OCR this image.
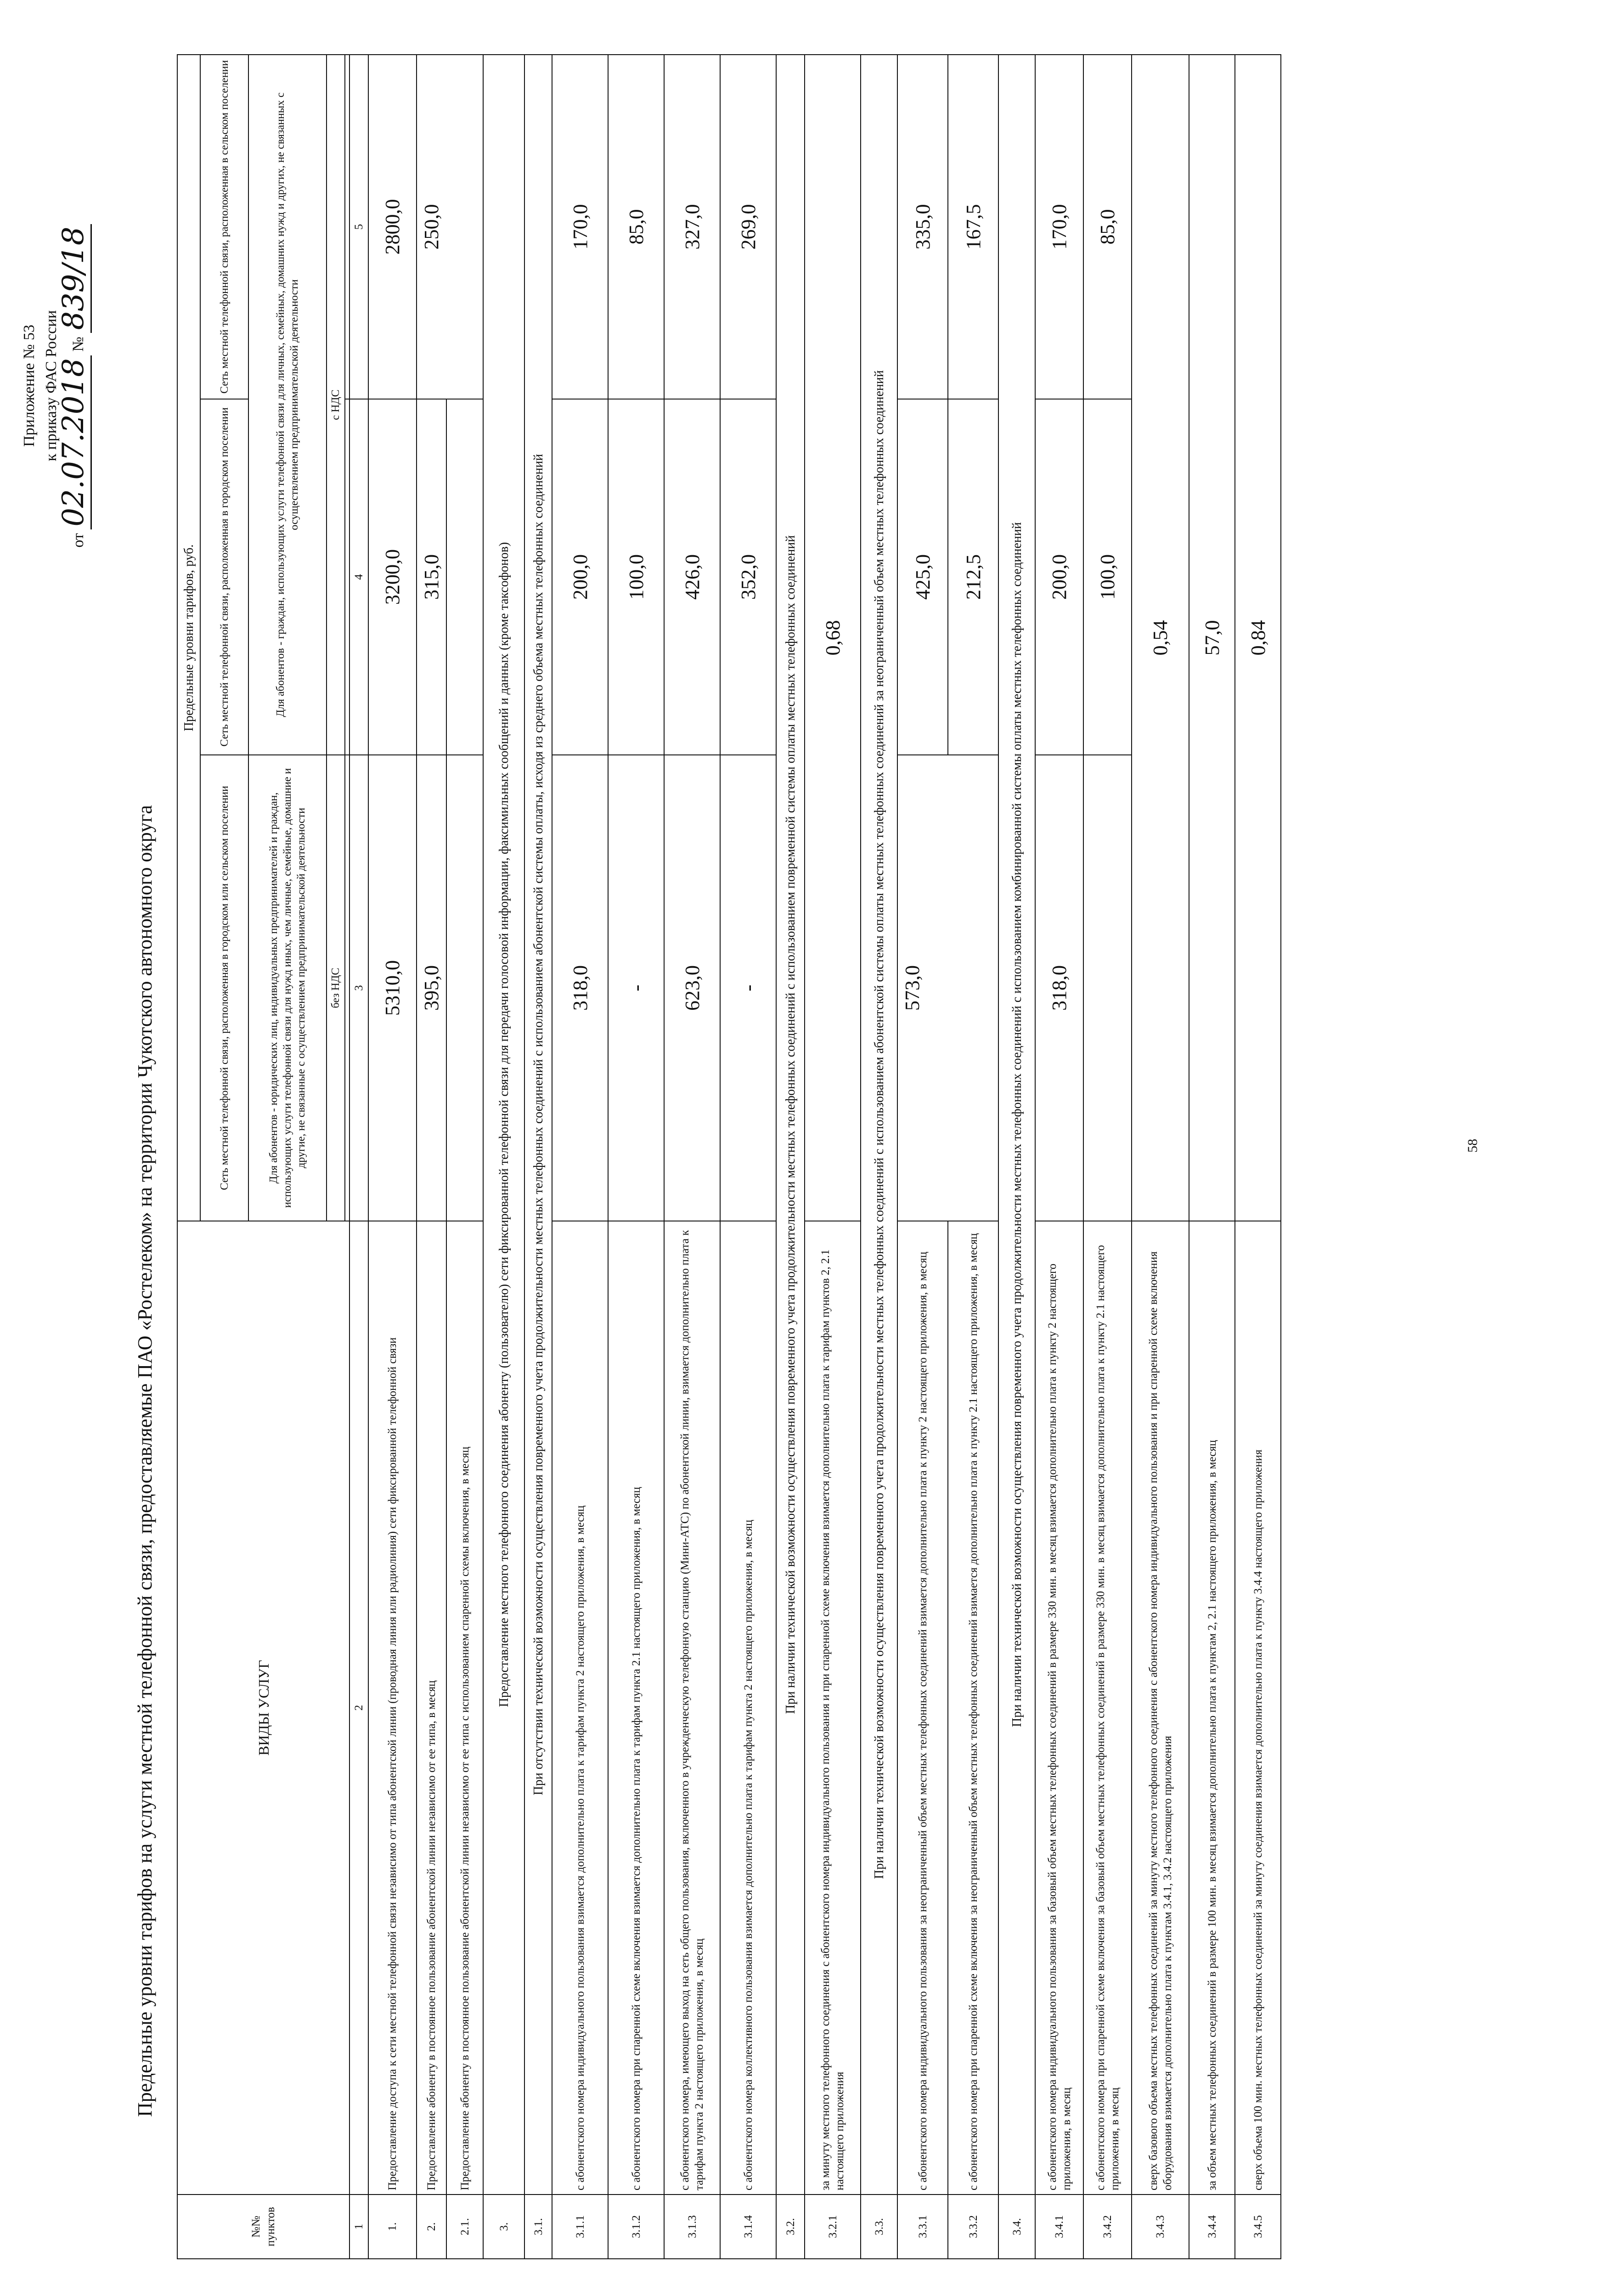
Приложение № 53 к приказу ФАС России
от 02.07.2018 № 839/18
Предельные уровни тарифов на услуги местной телефонной связи, предоставляемые ПАО «Ростелеком» на территории Чукотского автономного округа	58
№№ пунктов	ВИДЫ УСЛУГ	Предельные уровни тарифов, руб.		
		Сеть местной телефонной связи, расположенная в городском или сельском поселении	Сеть местной телефонной связи, расположенная в городском поселении	Сеть местной телефонной связи, расположенная в сельском поселении
		Для абонентов - юридических лиц, индивидуальных предпринимателей и граждан, использующих услуги телефонной связи для нужд иных, чем личные, семейные, домашние и другие, не связанные с осуществлением предпринимательской деятельности	Для абонентов - граждан, использующих услуги телефонной связи для личных, семейных, домашних нужд и других, не связанных с осуществлением предпринимательской деятельности	
		без НДС	с НДС	

1	2	3	4	5
1.	Предоставление доступа к сети местной телефонной связи независимо от типа абонентской линии (проводная линия или радиолиния) сети фиксированной телефонной связи	5310,0	3200,0	2800,0
2.	Предоставление абоненту в постоянное пользование абонентской линии независимо от ее типа, в месяц	395,0	315,0	250,0
2.1.	Предоставление абоненту в постоянное пользование абонентской линии независимо от ее типа с использованием спаренной схемы включения, в месяц			
3.	Предоставление местного телефонного соединения абоненту (пользователю) сети фиксированной телефонной связи для передачи голосовой информации, факсимильных сообщений и данных (кроме таксофонов)			
3.1.	При отсутствии технической возможности осуществления повременного учета продолжительности местных телефонных соединений с использованием абонентской системы оплаты, исходя из среднего объема местных телефонных соединений			
3.1.1	с абонентского номера индивидуального пользования взимается дополнительно плата к тарифам пункта 2 настоящего приложения, в месяц	318,0	200,0	170,0
3.1.2	с абонентского номера при спаренной схеме включения взимается дополнительно плата к тарифам пункта 2.1 настоящего приложения, в месяц	-	100,0	85,0
3.1.3	с абонентского номера, имеющего выход на сеть общего пользования, включенного в учрежденческую телефонную станцию (Мини-АТС) по абонентской линии, взимается дополнительно плата к тарифам пункта 2 настоящего приложения, в месяц	623,0	426,0	327,0
3.1.4	с абонентского номера коллективного пользования взимается дополнительно плата к тарифам пункта 2 настоящего приложения, в месяц	-	352,0	269,0
3.2.	При наличии технической возможности осуществления повременного учета продолжительности местных телефонных соединений с использованием повременной системы оплаты местных телефонных соединений			
3.2.1	за минуту местного телефонного соединения с абонентского номера индивидуального пользования и при спаренной схеме включения взимается дополнительно плата к тарифам пунктов 2, 2.1 настоящего приложения	0,68		
3.3.	При наличии технической возможности осуществления повременного учета продолжительности местных телефонных соединений с использованием абонентской системы оплаты местных телефонных соединений за неограниченный объем местных телефонных соединений			
3.3.1	с абонентского номера индивидуального пользования за неограниченный объем местных телефонных соединений взимается дополнительно плата к пункту 2 настоящего приложения, в месяц	573,0	425,0	335,0
3.3.2	с абонентского номера при спаренной схеме включения за неограниченный объем местных телефонных соединений взимается дополнительно плата к пункту 2.1 настоящего приложения, в месяц		212,5	167,5
3.4.	При наличии технической возможности осуществления повременного учета продолжительности местных телефонных соединений с использованием комбинированной системы оплаты местных телефонных соединений			
3.4.1	с абонентского номера индивидуального пользования за базовый объем местных телефонных соединений в размере 330 мин. в месяц взимается дополнительно плата к пункту 2 настоящего приложения, в месяц	318,0	200,0	170,0
3.4.2	с абонентского номера при спаренной схеме включения за базовый объем местных телефонных соединений в размере 330 мин. в месяц взимается дополнительно плата к пункту 2.1 настоящего приложения, в месяц		100,0	85,0
3.4.3	сверх базового объема местных телефонных соединений за минуту местного телефонного соединения с абонентского номера индивидуального пользования и при спаренной схеме включения оборудования взимается дополнительно плата к пунктам 3.4.1, 3.4.2 настоящего приложения	0,54		
3.4.4	за объем местных телефонных соединений в размере 100 мин. в месяц взимается дополнительно плата к пунктам 2, 2.1 настоящего приложения, в месяц	57,0		
3.4.5	сверх объема 100 мин. местных телефонных соединений за минуту соединения взимается дополнительно плата к пункту 3.4.4 настоящего приложения	0,84		
